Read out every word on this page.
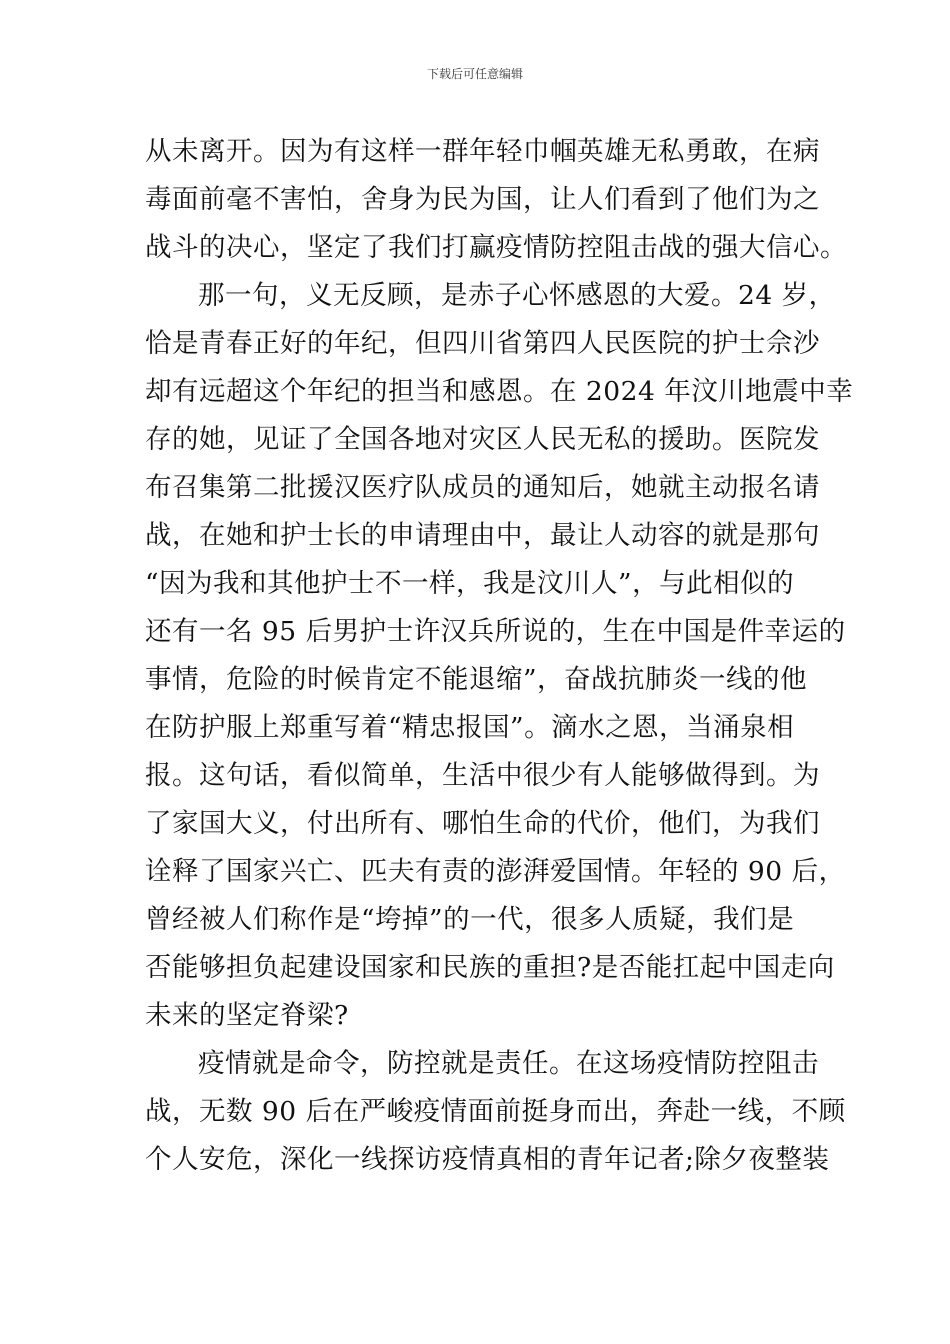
下载后可任意编辑
从未离开。因为有这样一群年轻巾帼英雄无私勇敢，在病
毒面前毫不害怕，舍身为民为国，让人们看到了他们为之
战斗的决心，坚定了我们打赢疫情防控阻击战的强大信心。
那一句，义无反顾，是赤子心怀感恩的大爱。24 岁，
恰是青春正好的年纪，但四川省第四人民医院的护士佘沙
却有远超这个年纪的担当和感恩。在 2024 年汶川地震中幸
存的她，见证了全国各地对灾区人民无私的援助。医院发
布召集第二批援汉医疗队成员的通知后，她就主动报名请
战，在她和护士长的申请理由中，最让人动容的就是那句
“因为我和其他护士不一样，我是汶川人”，与此相似的
还有一名 95 后男护士许汉兵所说的，生在中国是件幸运的
事情，危险的时候肯定不能退缩”，奋战抗肺炎一线的他
在防护服上郑重写着“精忠报国”。滴水之恩，当涌泉相
报。这句话，看似简单，生活中很少有人能够做得到。为
了家国大义，付出所有、哪怕生命的代价，他们，为我们
诠释了国家兴亡、匹夫有责的澎湃爱国情。年轻的 90 后，
曾经被人们称作是“垮掉”的一代，很多人质疑，我们是
否能够担负起建设国家和民族的重担?是否能扛起中国走向
未来的坚定脊梁?
疫情就是命令，防控就是责任。在这场疫情防控阻击
战，无数 90 后在严峻疫情面前挺身而出，奔赴一线，不顾
个人安危，深化一线探访疫情真相的青年记者;除夕夜整装
